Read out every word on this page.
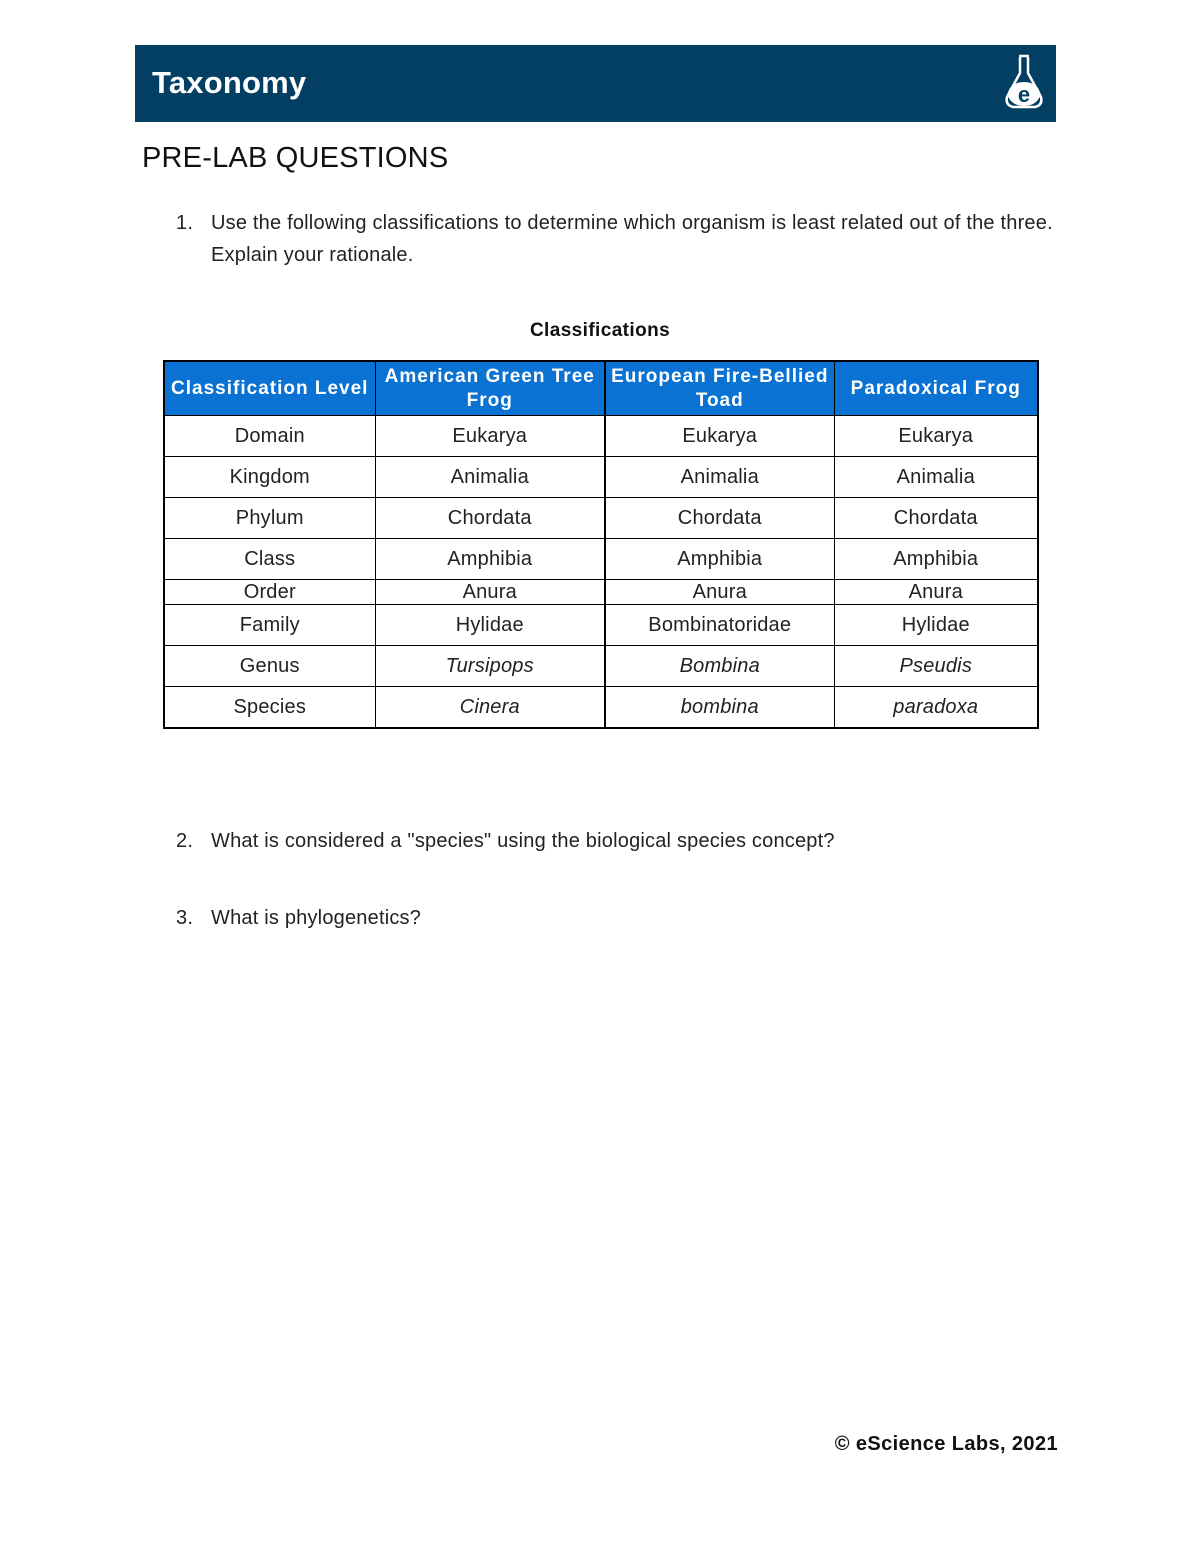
Taxonomy	e
PRE-LAB QUESTIONS
1. Use the following classifications to determine which organism is least related out of the three. Explain your rationale.
Classifications
Classification Level	American Green Tree Frog	European Fire-Bellied Toad	Paradoxical Frog
Domain	Eukarya	Eukarya	Eukarya
Kingdom	Animalia	Animalia	Animalia
Phylum	Chordata	Chordata	Chordata
Class	Amphibia	Amphibia	Amphibia
Order	Anura	Anura	Anura
Family	Hylidae	Bombinatoridae	Hylidae
Genus	Tursipops	Bombina	Pseudis
Species	Cinera	bombina	paradoxa
2. What is considered a "species" using the biological species concept?
3. What is phylogenetics?
© eScience Labs, 2021
